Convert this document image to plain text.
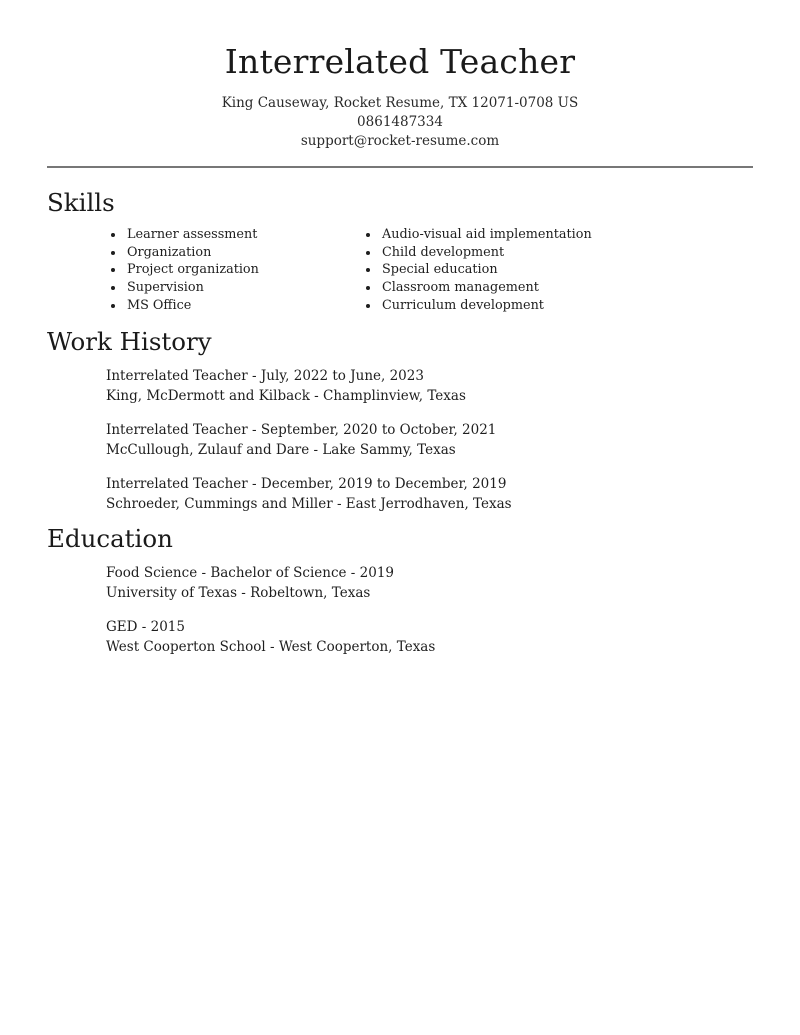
Interrelated Teacher
King Causeway, Rocket Resume, TX 12071-0708 US
0861487334
support@rocket-resume.com
Skills
Learner assessment
Organization
Project organization
Supervision
MS Office
Audio-visual aid implementation
Child development
Special education
Classroom management
Curriculum development
Work History
Interrelated Teacher - July, 2022 to June, 2023
King, McDermott and Kilback - Champlinview, Texas
Interrelated Teacher - September, 2020 to October, 2021
McCullough, Zulauf and Dare - Lake Sammy, Texas
Interrelated Teacher - December, 2019 to December, 2019
Schroeder, Cummings and Miller - East Jerrodhaven, Texas
Education
Food Science - Bachelor of Science - 2019
University of Texas - Robeltown, Texas
GED - 2015
West Cooperton School - West Cooperton, Texas
